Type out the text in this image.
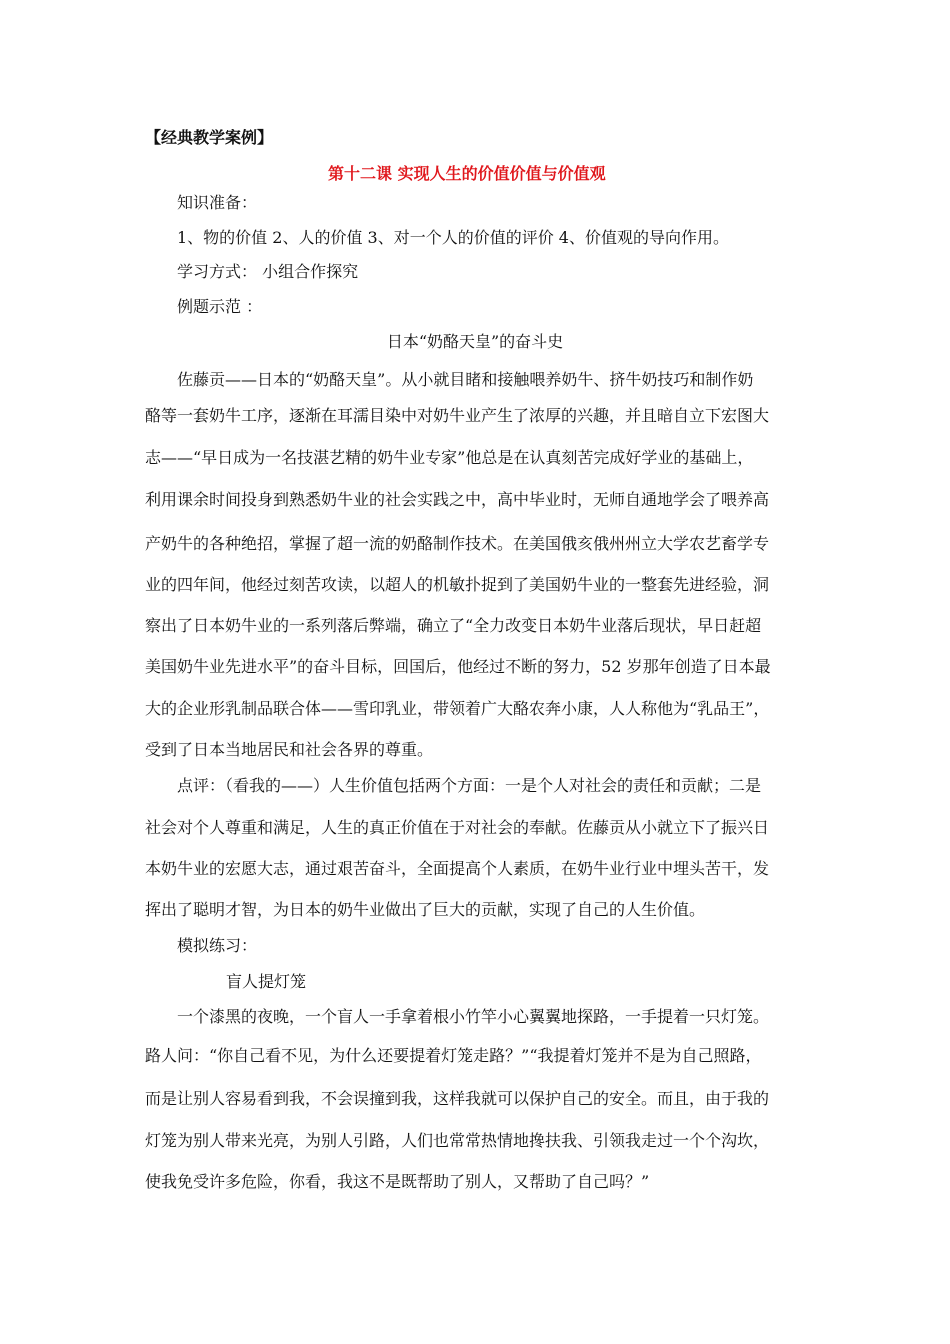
【经典教学案例】
第十二课 实现人生的价值价值与价值观
知识准备：
1、物的价值 2、人的价值 3、对一个人的价值的评价 4、价值观的导向作用。
学习方式： 小组合作探究
例题示范 ：
日本“奶酪天皇”的奋斗史
佐藤贡——日本的“奶酪天皇”。从小就目睹和接触喂养奶牛、挤牛奶技巧和制作奶
酪等一套奶牛工序，逐渐在耳濡目染中对奶牛业产生了浓厚的兴趣，并且暗自立下宏图大
志——“早日成为一名技湛艺精的奶牛业专家”他总是在认真刻苦完成好学业的基础上，
利用课余时间投身到熟悉奶牛业的社会实践之中，高中毕业时，无师自通地学会了喂养高
产奶牛的各种绝招，掌握了超一流的奶酪制作技术。在美国俄亥俄州州立大学农艺畜学专
业的四年间，他经过刻苦攻读，以超人的机敏扑捉到了美国奶牛业的一整套先进经验，洞
察出了日本奶牛业的一系列落后弊端，确立了“全力改变日本奶牛业落后现状，早日赶超
美国奶牛业先进水平”的奋斗目标，回国后，他经过不断的努力，52 岁那年创造了日本最
大的企业形乳制品联合体——雪印乳业，带领着广大酪农奔小康，人人称他为“乳品王”，
受到了日本当地居民和社会各界的尊重。
点评：（看我的——）人生价值包括两个方面：一是个人对社会的责任和贡献；二是
社会对个人尊重和满足，人生的真正价值在于对社会的奉献。佐藤贡从小就立下了振兴日
本奶牛业的宏愿大志，通过艰苦奋斗，全面提高个人素质，在奶牛业行业中埋头苦干，发
挥出了聪明才智，为日本的奶牛业做出了巨大的贡献，实现了自己的人生价值。
模拟练习：
盲人提灯笼
一个漆黑的夜晚，一个盲人一手拿着根小竹竿小心翼翼地探路，一手提着一只灯笼。
路人问：“你自己看不见，为什么还要提着灯笼走路？”“我提着灯笼并不是为自己照路，
而是让别人容易看到我，不会误撞到我，这样我就可以保护自己的安全。而且，由于我的
灯笼为别人带来光亮，为别人引路，人们也常常热情地搀扶我、引领我走过一个个沟坎，
使我免受许多危险，你看，我这不是既帮助了别人，又帮助了自己吗？”
